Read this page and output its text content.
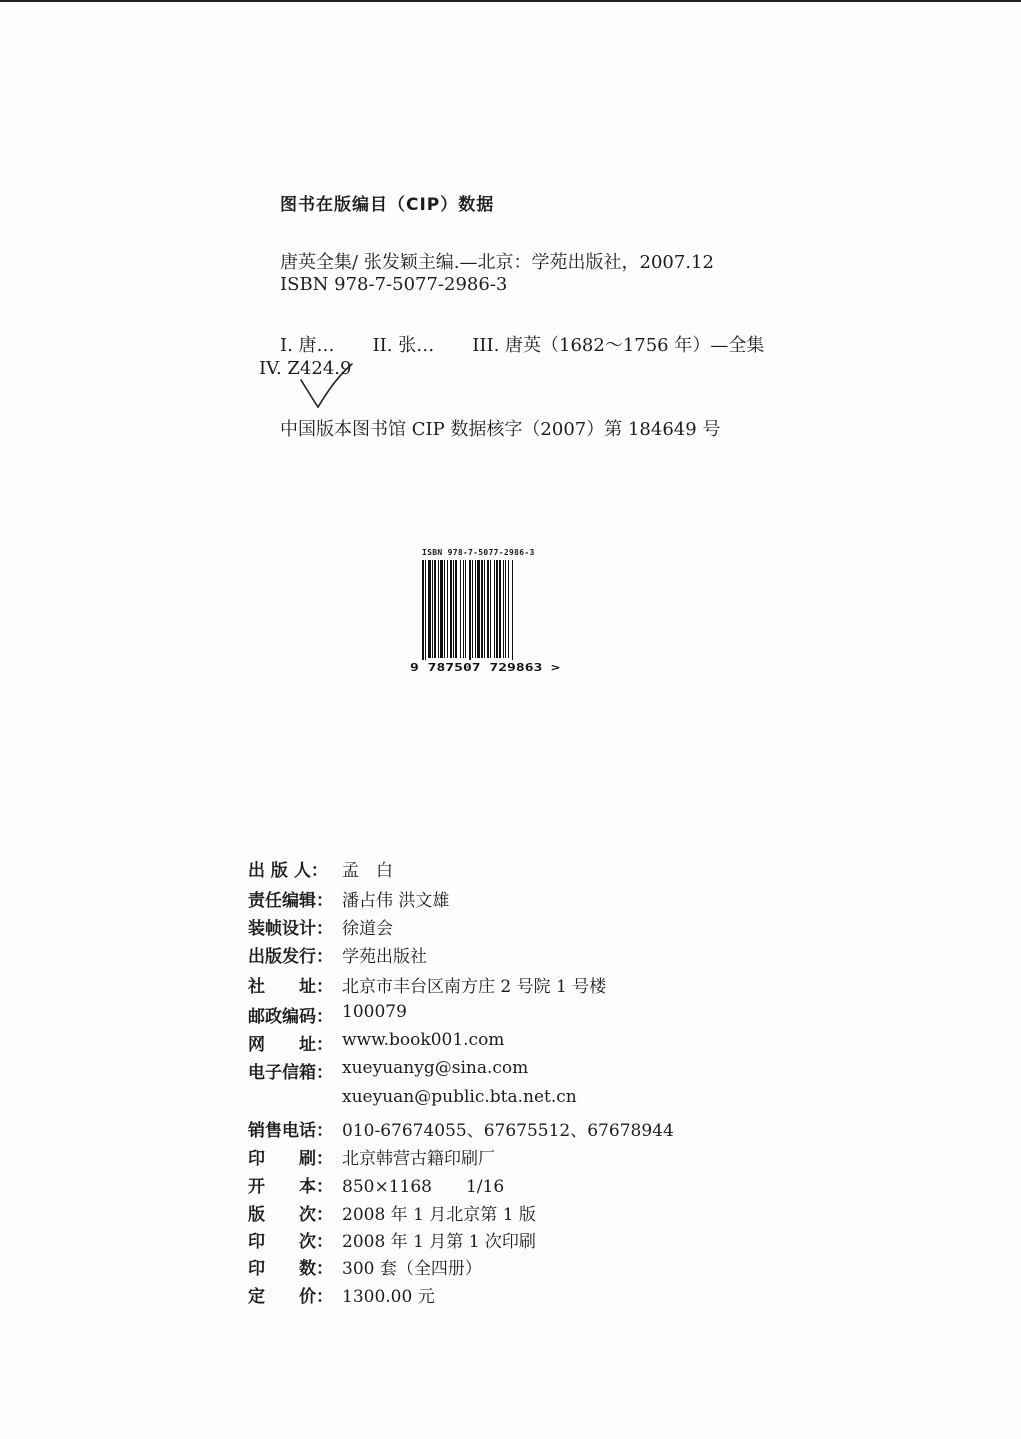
图书在版编目（CIP）数据
唐英全集/ 张发颖主编.—北京：学苑出版社，2007.12
ISBN 978-7-5077-2986-3
I. 唐… II. 张… III. 唐英（1682～1756 年）—全集
IV. Z424.9
中国版本图书馆 CIP 数据核字（2007）第 184649 号
ISBN 978-7-5077-2986-3
9 787507 729863 >
出 版 人： 孟　白
责任编辑： 潘占伟 洪文雄
装帧设计： 徐道会
出版发行： 学苑出版社
社　　址： 北京市丰台区南方庄 2 号院 1 号楼
邮政编码： 100079
网　　址： www.book001.com
电子信箱： xueyuanyg@sina.com
xueyuan@public.bta.net.cn
销售电话： 010-67674055、67675512、67678944
印　　刷： 北京韩营古籍印刷厂
开　　本： 850×1168　　1/16
版　　次： 2008 年 1 月北京第 1 版
印　　次： 2008 年 1 月第 1 次印刷
印　　数： 300 套（全四册）
定　　价： 1300.00 元
